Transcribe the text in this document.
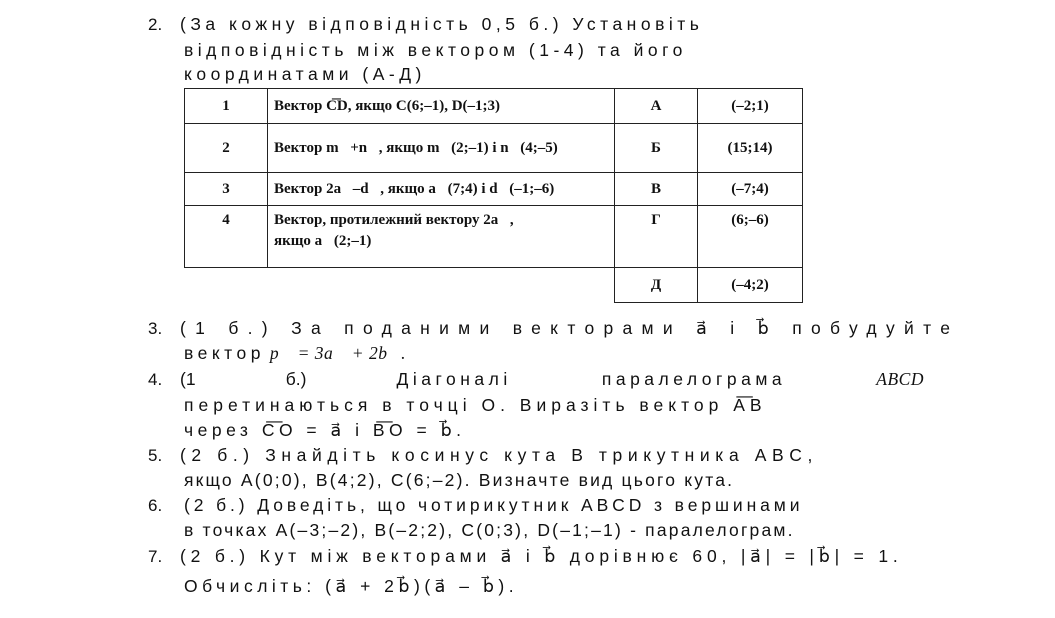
2. (За кожну відповідність 0,5 б.) Установіть
відповідність між вектором (1-4) та його
координатами (А-Д)
1	Вектор C͞D, якщо C(6;–1), D(–1;3)	А	(–2;1)
2	Вектор m⃗+n⃗, якщо m⃗(2;–1) і n⃗(4;–5)	Б	(15;14)
3	Вектор 2a⃗–d⃗, якщо a⃗(7;4) і d⃗(–1;–6)	В	(–7;4)
4	Вектор, протилежний вектору 2a⃗,
якщо a⃗(2;–1)	Г	(6;–6)
		Д	(–4;2)
3. (1 б.) За поданими векторами a⃗ і b⃗ побудуйте
вектор p⃗ = 3a⃗ + 2b⃗.
4. (1	б.)	Діагоналі	паралелограма	ABCD
перетинаються в точці O. Виразіть вектор A͞B
через C͞O = a⃗ і B͞O = b⃗.
5. (2 б.) Знайдіть косинус кута B трикутника ABC,
якщо A(0;0), B(4;2), C(6;–2). Визначте вид цього кута.
6. (2 б.) Доведіть, що чотирикутник ABCD з вершинами
в точках A(–3;–2), B(–2;2), C(0;3), D(–1;–1) - паралелограм.
7. (2 б.) Кут між векторами a⃗ і b⃗ дорівнює 60, |a⃗| = |b⃗| = 1.
Обчисліть: (a⃗ + 2b⃗)(a⃗ – b⃗).
